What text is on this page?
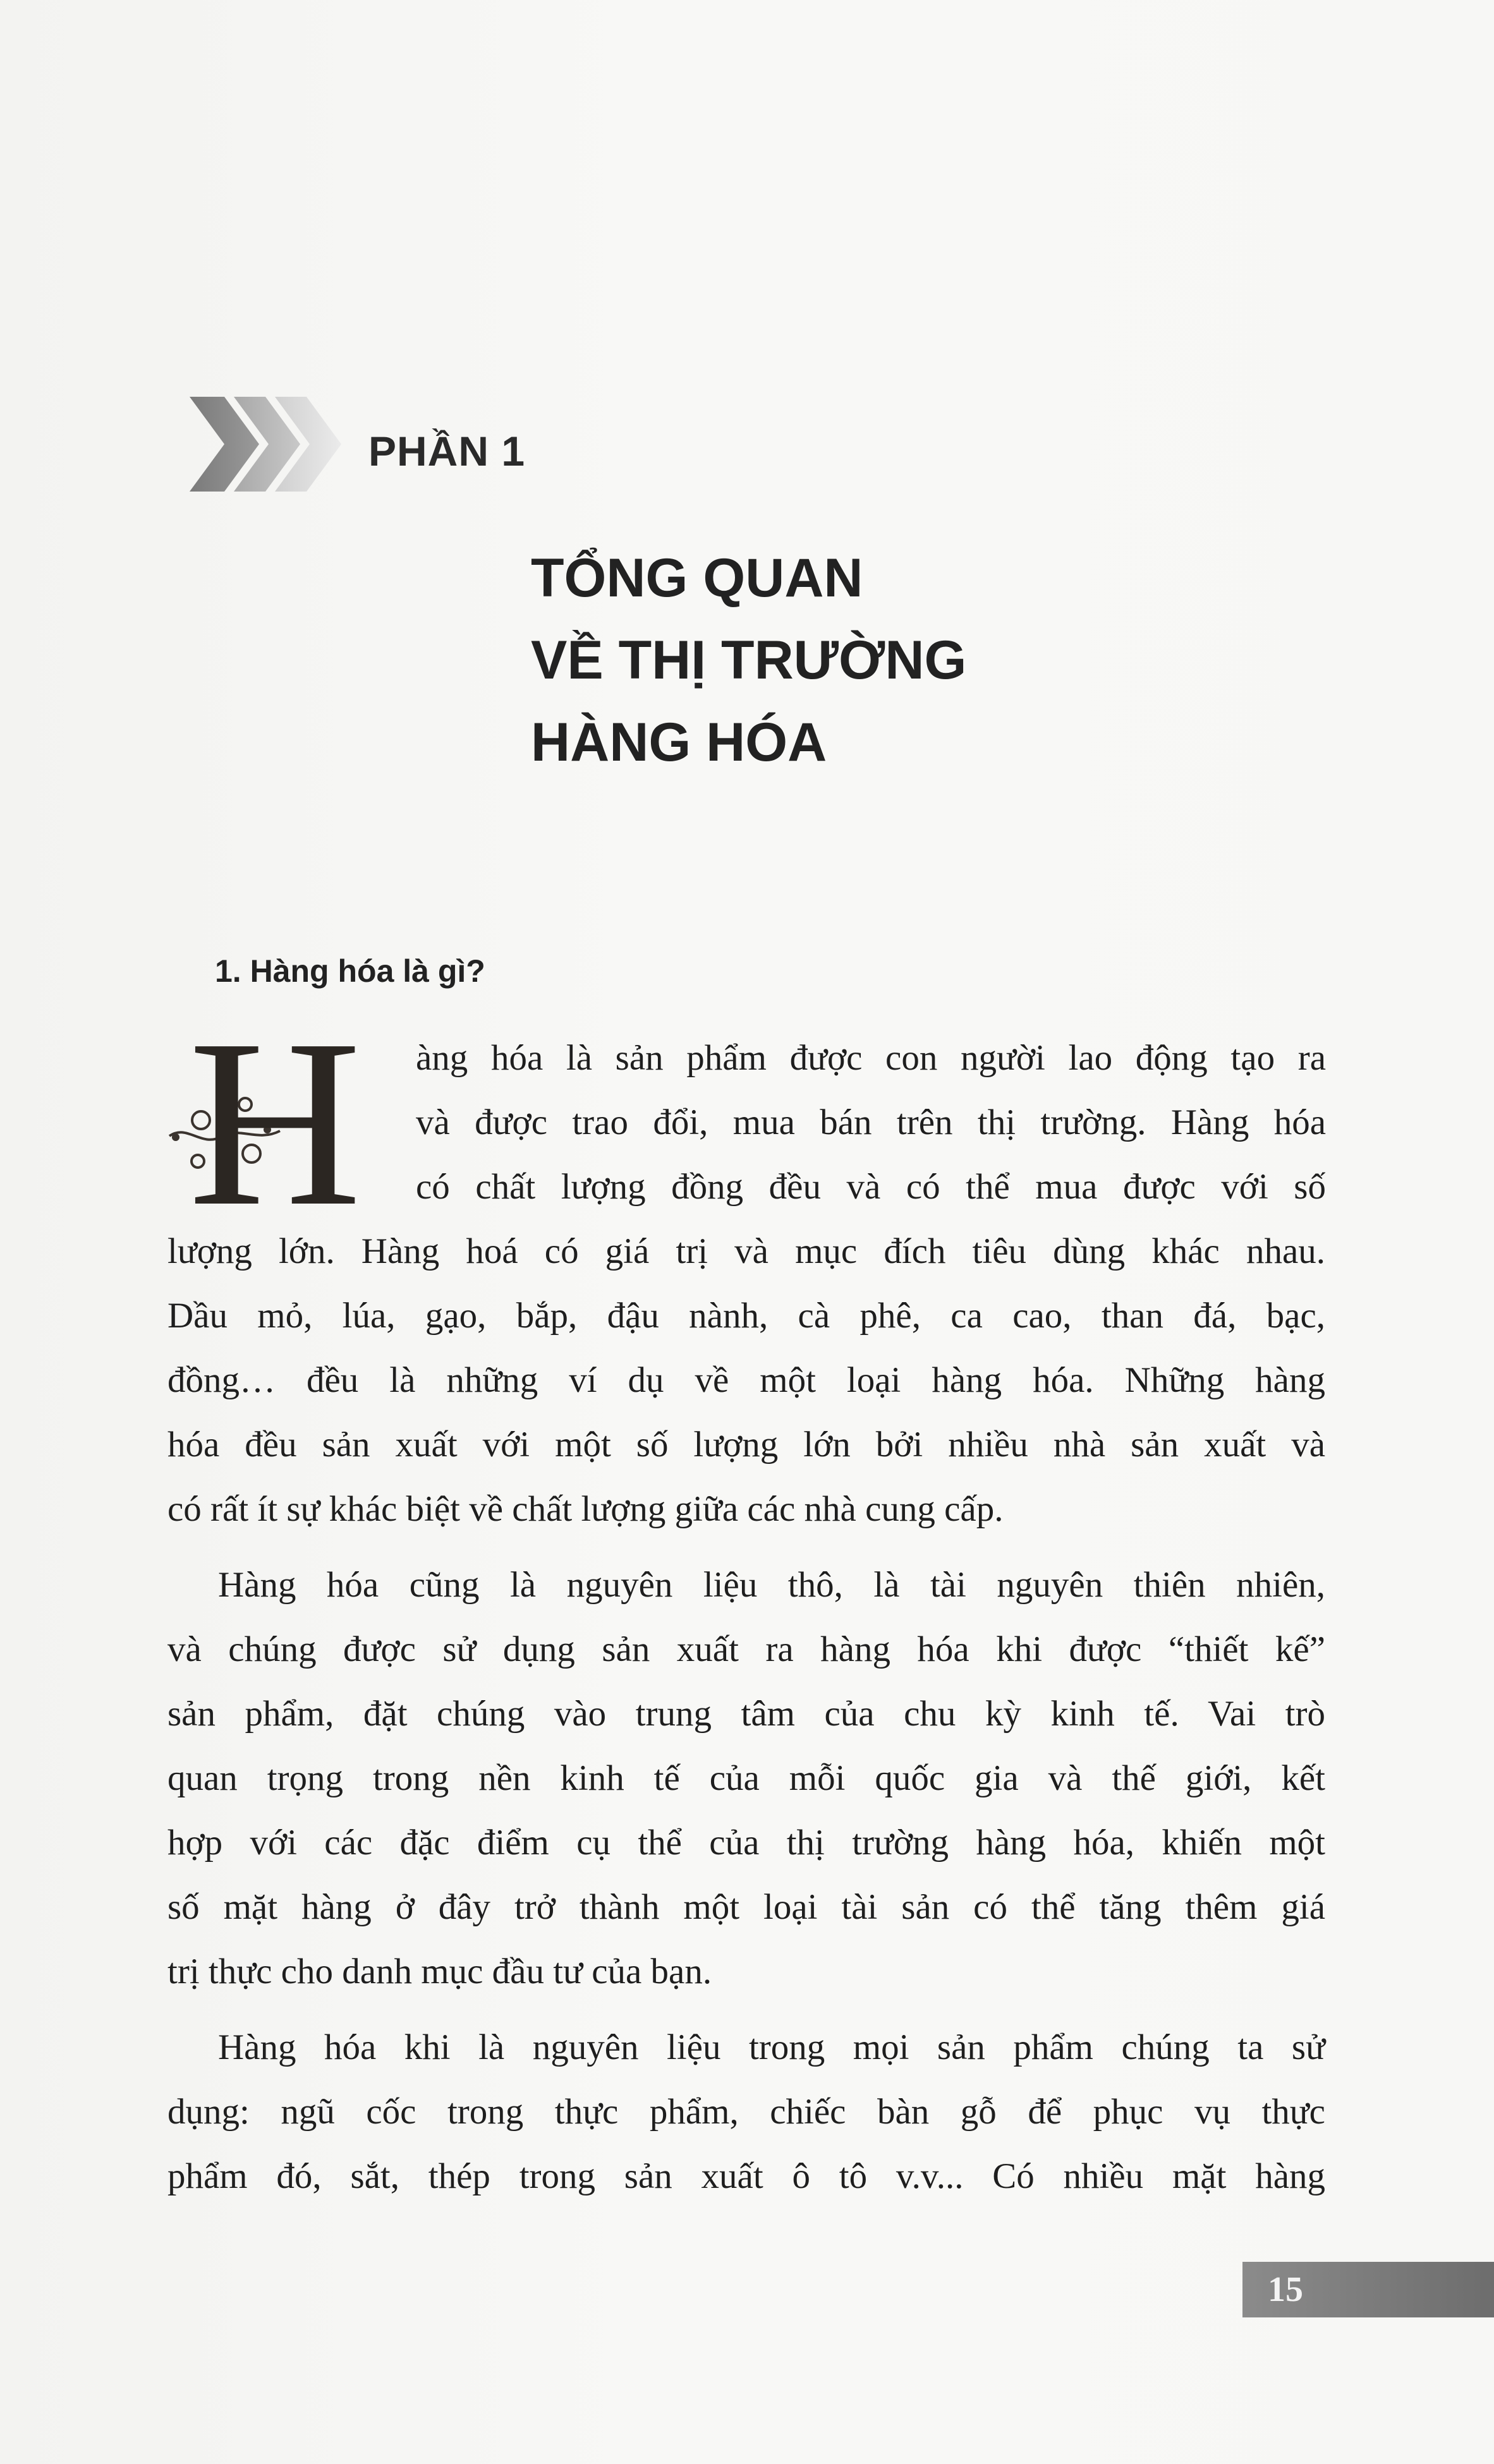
PHẦN 1
TỔNG QUAN
VỀ THỊ TRƯỜNG
HÀNG HÓA
1. Hàng hóa là gì?
H àng hóa là sản phẩm được con người lao động tạo ra
và được trao đổi, mua bán trên thị trường. Hàng hóa
có chất lượng đồng đều và có thể mua được với số
lượng lớn. Hàng hoá có giá trị và mục đích tiêu dùng khác nhau.
Dầu mỏ, lúa, gạo, bắp, đậu nành, cà phê, ca cao, than đá, bạc,
đồng… đều là những ví dụ về một loại hàng hóa. Những hàng
hóa đều sản xuất với một số lượng lớn bởi nhiều nhà sản xuất và
có rất ít sự khác biệt về chất lượng giữa các nhà cung cấp.
Hàng hóa cũng là nguyên liệu thô, là tài nguyên thiên nhiên,
và chúng được sử dụng sản xuất ra hàng hóa khi được “thiết kế”
sản phẩm, đặt chúng vào trung tâm của chu kỳ kinh tế. Vai trò
quan trọng trong nền kinh tế của mỗi quốc gia và thế giới, kết
hợp với các đặc điểm cụ thể của thị trường hàng hóa, khiến một
số mặt hàng ở đây trở thành một loại tài sản có thể tăng thêm giá
trị thực cho danh mục đầu tư của bạn.
Hàng hóa khi là nguyên liệu trong mọi sản phẩm chúng ta sử
dụng: ngũ cốc trong thực phẩm, chiếc bàn gỗ để phục vụ thực
phẩm đó, sắt, thép trong sản xuất ô tô v.v... Có nhiều mặt hàng
15
